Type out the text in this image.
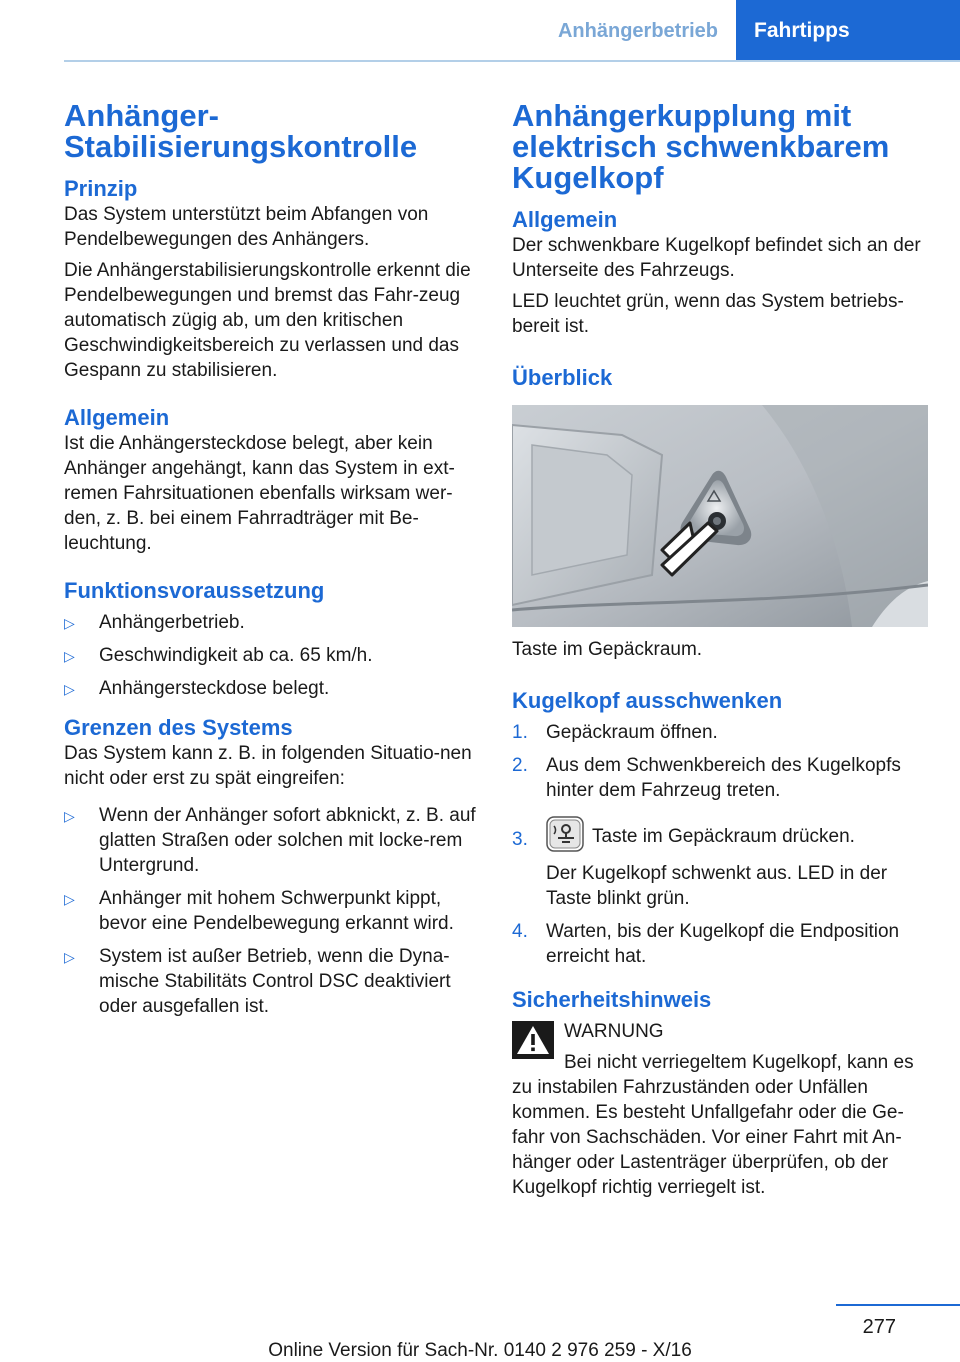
Anhängerbetrieb	Fahrtipps
Anhänger-
Stabilisierungskontrolle
Prinzip

Das System unterstützt beim Abfangen von Pendelbewegungen des Anhängers.

Die Anhängerstabilisierungskontrolle erkennt die Pendelbewegungen und bremst das Fahr-zeug automatisch zügig ab, um den kritischen Geschwindigkeitsbereich zu verlassen und das Gespann zu stabilisieren.

Allgemein

Ist die Anhängersteckdose belegt, aber kein Anhänger angehängt, kann das System in ext-remen Fahrsituationen ebenfalls wirksam wer-den, z. B. bei einem Fahrradträger mit Be-leuchtung.

Funktionsvoraussetzung
▷ Anhängerbetrieb.
▷ Geschwindigkeit ab ca. 65 km/h.
▷ Anhängersteckdose belegt.
Grenzen des Systems

Das System kann z. B. in folgenden Situatio-nen nicht oder erst zu spät eingreifen:

▷ Wenn der Anhänger sofort abknickt, z. B. auf glatten Straßen oder solchen mit locke-rem Untergrund.
▷ Anhänger mit hohem Schwerpunkt kippt, bevor eine Pendelbewegung erkannt wird.
▷ System ist außer Betrieb, wenn die Dyna-mische Stabilitäts Control DSC deaktiviert oder ausgefallen ist.
Anhängerkupplung mit elektrisch schwenkbarem Kugelkopf
Allgemein

Der schwenkbare Kugelkopf befindet sich an der Unterseite des Fahrzeugs.

LED leuchtet grün, wenn das System betriebs-bereit ist.

Überblick

Taste im Gepäckraum.

Kugelkopf ausschwenken
1. Gepäckraum öffnen.
2. Aus dem Schwenkbereich des Kugelkopfs hinter dem Fahrzeug treten.
3.	Taste im Gepäckraum drücken.
Der Kugelkopf schwenkt aus. LED in der Taste blinkt grün.
4. Warten, bis der Kugelkopf die Endposition erreicht hat.
Sicherheitshinweis
WARNUNG
Bei nicht verriegeltem Kugelkopf, kann es zu instabilen Fahrzuständen oder Unfällen kommen. Es besteht Unfallgefahr oder die Ge-fahr von Sachschäden. Vor einer Fahrt mit An-hänger oder Lastenträger überprüfen, ob der Kugelkopf richtig verriegelt ist.
277
Online Version für Sach-Nr. 0140 2 976 259 - X/16
